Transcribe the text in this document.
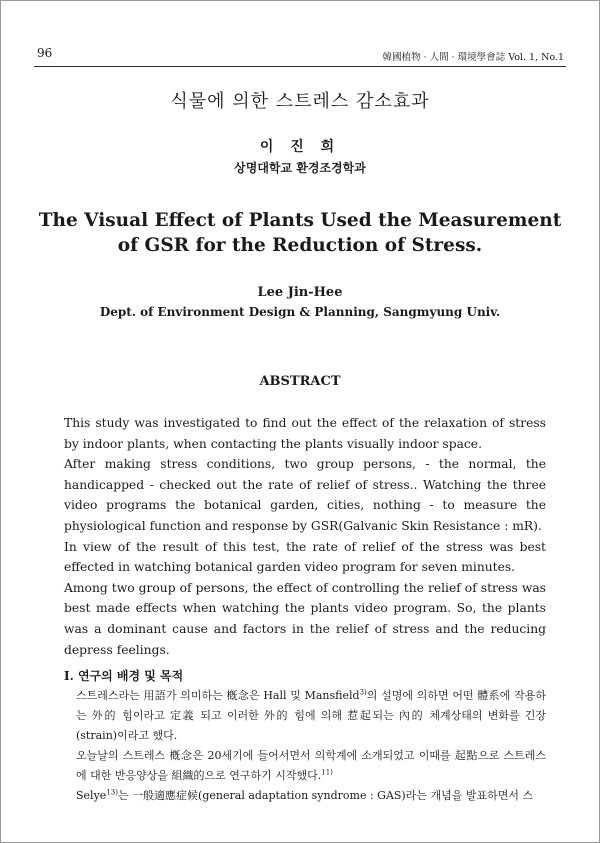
96	韓國植物 · 人間 · 環境學會誌 Vol. 1, No.1
식물에 의한 스트레스 감소효과
이 진 희
상명대학교 환경조경학과
The Visual Effect of Plants Used the Measurement
of GSR for the Reduction of Stress.
Lee Jin-Hee
Dept. of Environment Design & Planning, Sangmyung Univ.
ABSTRACT

This study was investigated to find out the effect of the relaxation of stress by indoor plants, when contacting the plants visually indoor space.

After making stress conditions, two group persons, - the normal, the handicapped - checked out the rate of relief of stress.. Watching the three video programs the botanical garden, cities, nothing - to measure the physiological function and response by GSR(Galvanic Skin Resistance : mR).

In view of the result of this test, the rate of relief of the stress was best effected in watching botanical garden video program for seven minutes.

Among two group of persons, the effect of controlling the relief of stress was best made effects when watching the plants video program. So, the plants was a dominant cause and factors in the relief of stress and the reducing depress feelings.

Ⅰ. 연구의 배경 및 목적

스트레스라는 用語가 의미하는 槪念은 Hall 및 Mansfield$^{3)}$의 설명에 의하면 어떤 體系에 작용하는 外的 힘이라고 定義 되고 이러한 外的 힘에 의해 惹起되는 內的 체계상태의 변화를 긴장(strain)이라고 했다.

오늘날의 스트레스 槪念은 20세기에 들어서면서 의학계에 소개되었고 이때를 起點으로 스트레스에 대한 반응양상을 組織的으로 연구하기 시작했다.$^{11)}$

Selye$^{13)}$는 一般適應症候(general adaptation syndrome : GAS)라는 개념을 발표하면서 스
